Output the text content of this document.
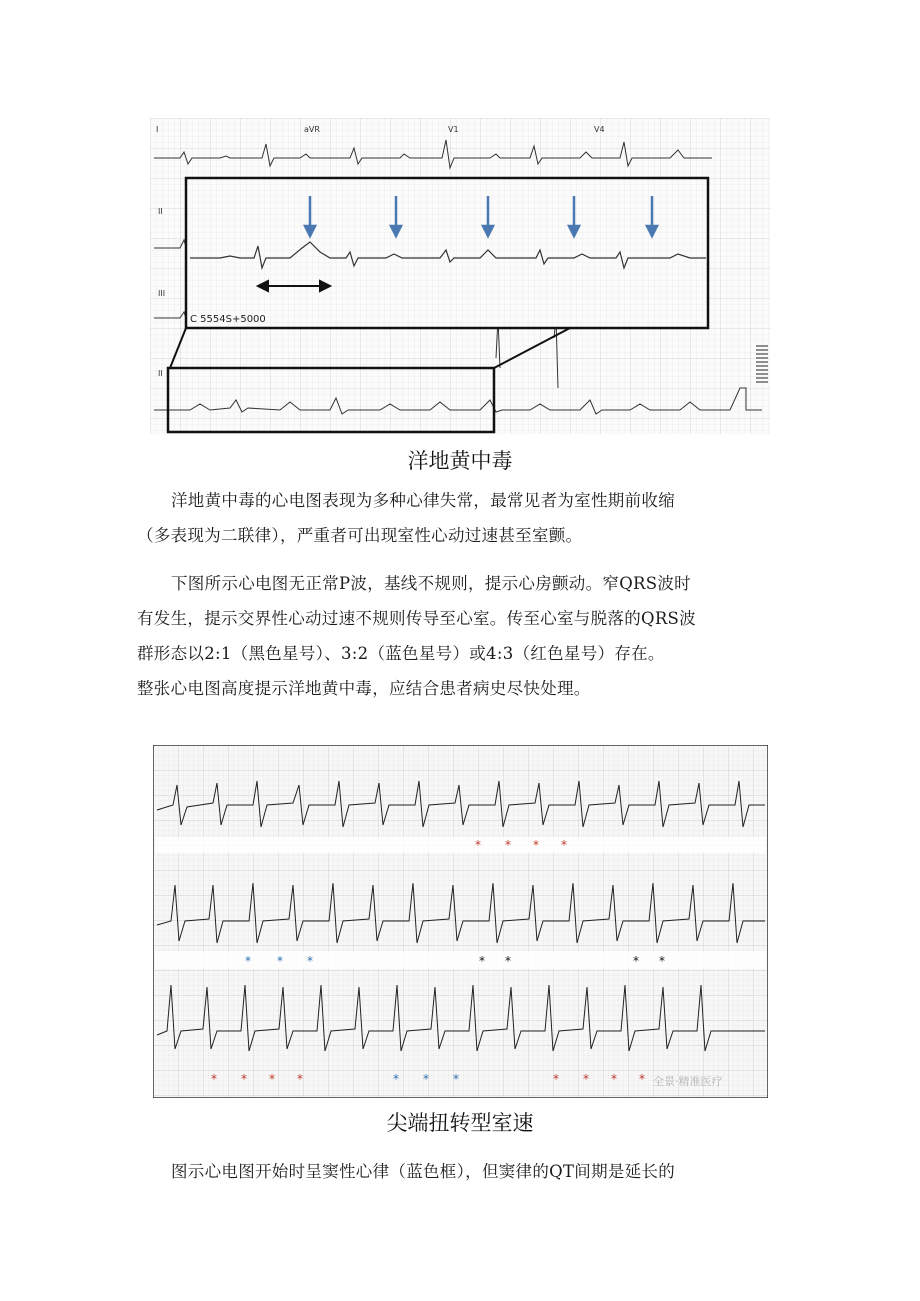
I	aVR	V1	V4
II
III
II
C 5554S+5000
洋地黄中毒

洋地黄中毒的心电图表现为多种心律失常，最常见者为室性期前收缩
（多表现为二联律），严重者可出现室性心动过速甚至室颤。

下图所示心电图无正常P波，基线不规则，提示心房颤动。窄QRS波时
有发生，提示交界性心动过速不规则传导至心室。传至心室与脱落的QRS波
群形态以2:1（黑色星号）、3:2（蓝色星号）或4:3（红色星号）存在。
整张心电图高度提示洋地黄中毒，应结合患者病史尽快处理。

* * * *
* * * *	* * * *
* * *
* * *
* *	* *
全景·精准医疗
尖端扭转型室速

图示心电图开始时呈窦性心律（蓝色框），但窦律的QT间期是延长的
